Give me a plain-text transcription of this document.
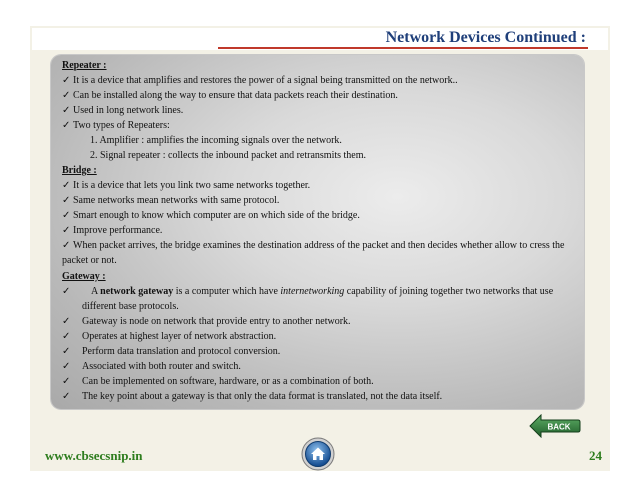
Network Devices Continued :
Repeater :
✓ It is a device that amplifies and restores the power of a signal being transmitted on the network..
✓ Can be installed along the way to ensure that data packets reach their destination.
✓ Used in long network lines.
✓ Two types of Repeaters:
1. Amplifier : amplifies the incoming signals over the network.
2. Signal repeater : collects the inbound packet and retransmits them.
Bridge :
✓ It is a device that lets you link two same networks together.
✓ Same networks mean networks with same protocol.
✓ Smart enough to know which computer are on which side of the bridge.
✓ Improve performance.
✓ When packet arrives, the bridge examines the destination address of the packet and then decides whether allow to cress the packet or not.
Gateway :
✓	A network gateway is a computer which have internetworking capability of joining together two networks that use different base protocols.
✓	Gateway is node on network that provide entry to another network.
✓	Operates at highest layer of network abstraction.
✓	Perform data translation and protocol conversion.
✓	Associated with both router and switch.
✓	Can be implemented on software, hardware, or as a combination of both.
✓	The key point about a gateway is that only the data format is translated, not the data itself.
BACK
www.cbsecsnip.in	24
